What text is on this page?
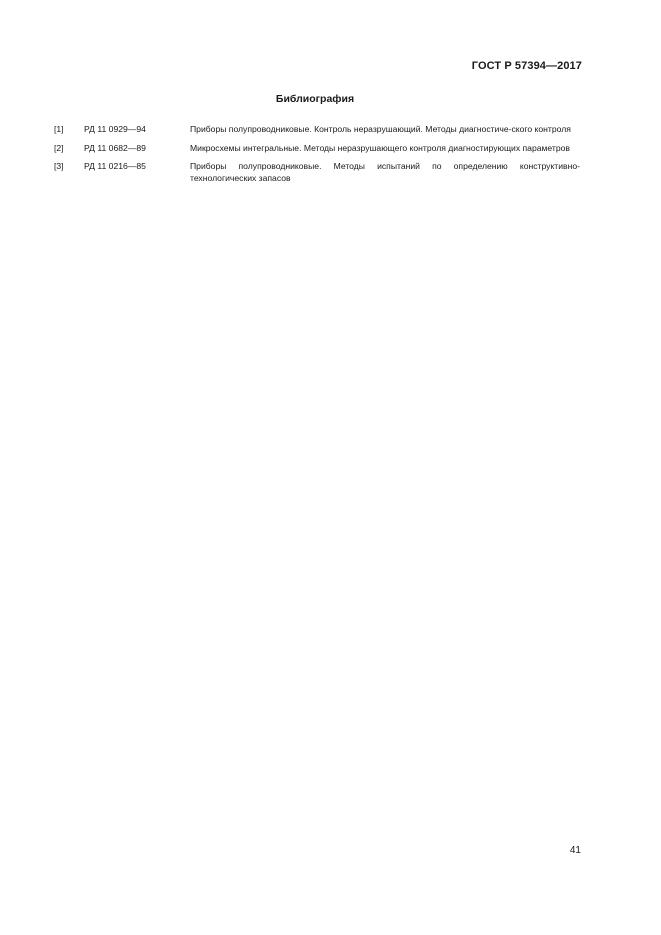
ГОСТ Р 57394—2017
Библиография
[1]	РД 11 0929—94	Приборы полупроводниковые. Контроль неразрушающий. Методы диагностиче-ского контроля
[2]	РД 11 0682—89	Микросхемы интегральные. Методы неразрушающего контроля диагностирующих параметров
[3]	РД 11 0216—85	Приборы полупроводниковые. Методы испытаний по определению конструктивно-технологических запасов
41
